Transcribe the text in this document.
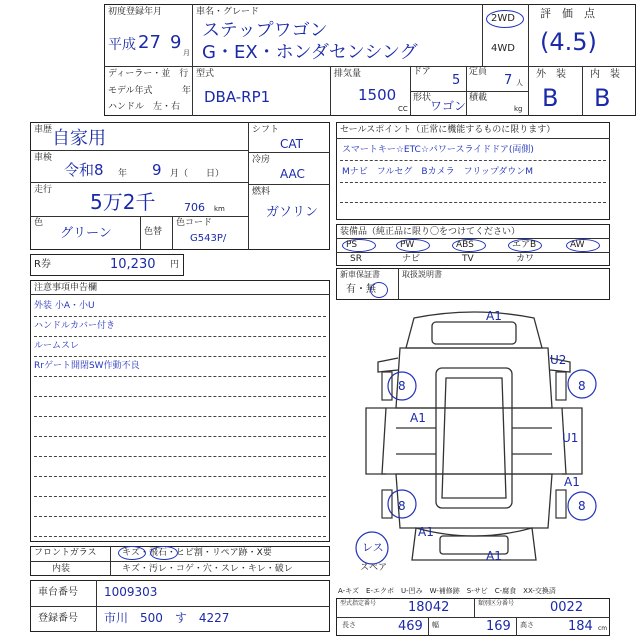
初度登録年月
平成 27 9 月
車名・グレード
ステップワゴン
G・EX・ホンダセンシング
2WD
4WD
評　価　点
(4.5)
外　装 内　装
B B
ディーラー・並　行
モデル年式	年
ハンドル　左・右
型式
DBA-RP1
排気量
1500
CC
ドア
5
定員
7 人
形状
ワゴン
積載
kg
車歴 自家用
車検
令和8 年 9 月（　　日）
走行 5万2千	706 km
色
グリーン	色替
色コード
G543P/
シフト
CAT
冷房
AAC
燃料
ガソリン
セールスポイント（正常に機能するものに限ります）
スマートキー☆ETC☆パワースライドドア(両側)
Mナビ　フルセグ　Bカメラ　フリップダウンM
装備品（純正品に限り〇をつけてください）
PS	PW	ABS	エアB	AW
SR	ナビ	TV	カワ
新車保証書	取扱説明書
有・無
R券	10,230 円
注意事項申告欄
外装 小A・小U
ハンドルカバー付き
ルームスレ
Rrゲート開閉SW作動不良
A1
U2
8	8
A1
U1
A1
8	8
A1
A1
レス
スペア
フロントガラス	キズ・飛石・ヒビ割・リペア跡・X要
内装	キズ・汚レ・コゲ・穴・スレ・キレ・破レ
車台番号 1009303
登録番号 市川　500　す　4227
A-キズ　E-エクボ　U-凹み　W-補修跡　S-サビ　C-腐食　XX-交換済
型式指定番号 18042	類別区分番号	0022
長さ	469 幅	169 高さ	184 cm
